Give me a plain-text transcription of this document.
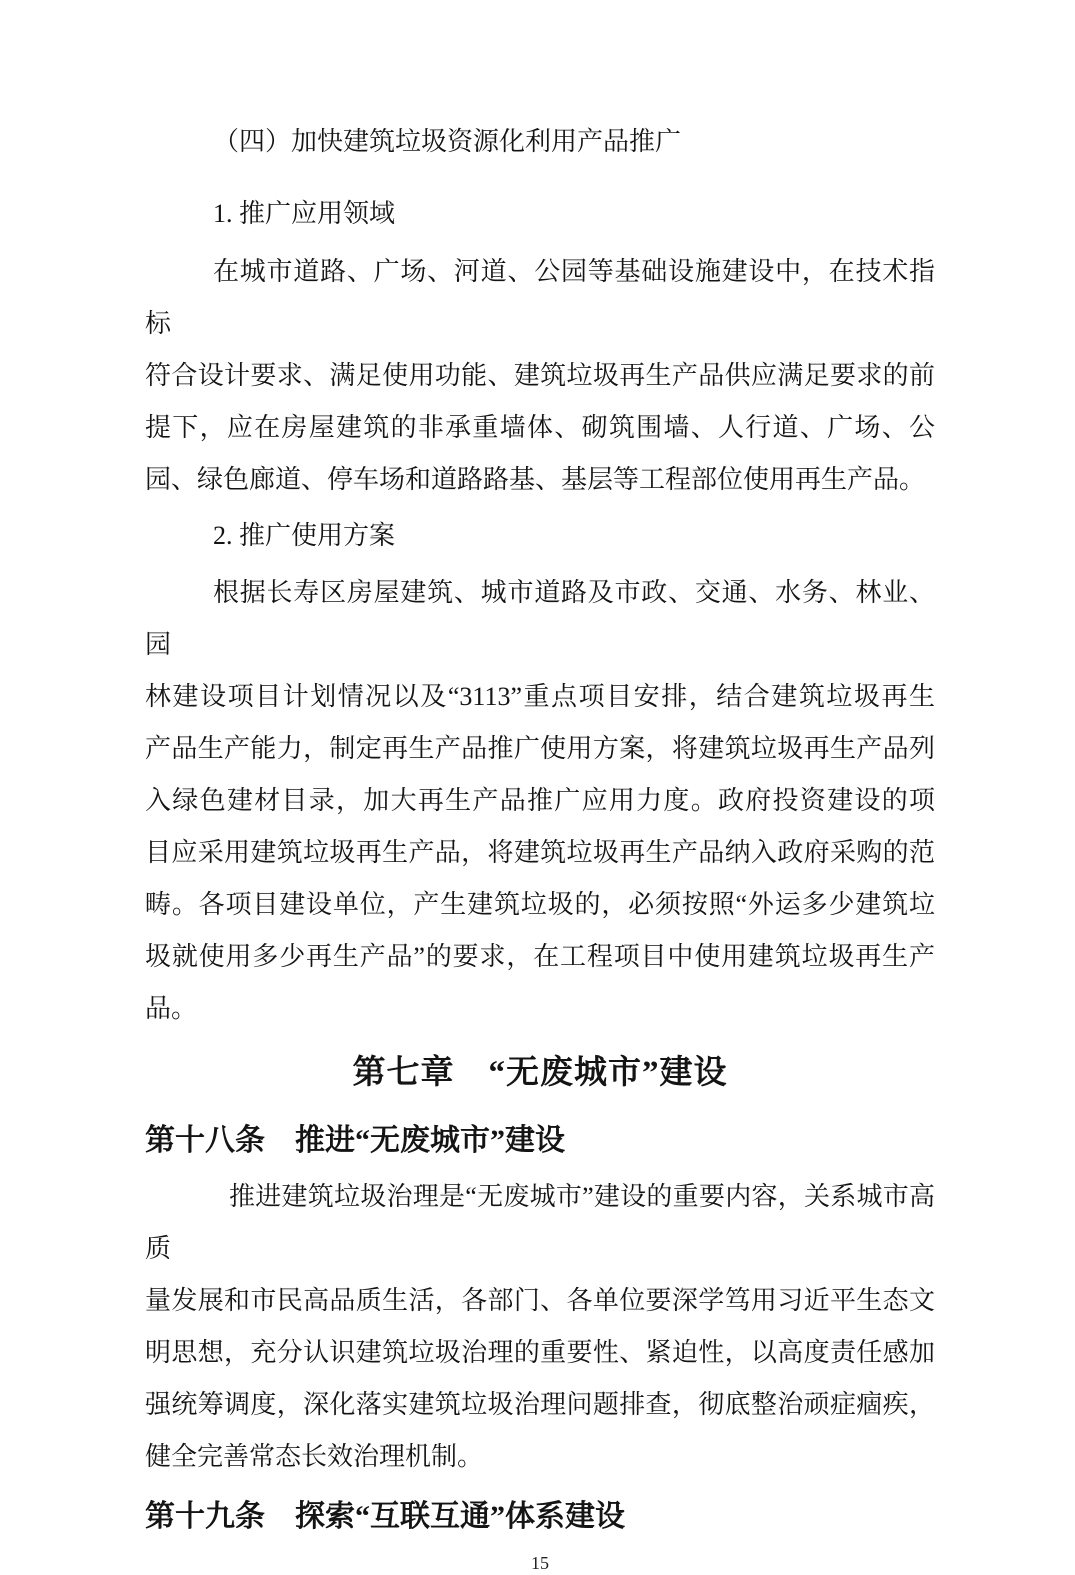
（四）加快建筑垃圾资源化利用产品推广
1. 推广应用领域
在城市道路、广场、河道、公园等基础设施建设中，在技术指标
符合设计要求、满足使用功能、建筑垃圾再生产品供应满足要求的前
提下，应在房屋建筑的非承重墙体、砌筑围墙、人行道、广场、公
园、绿色廊道、停车场和道路路基、基层等工程部位使用再生产品。
2. 推广使用方案
根据长寿区房屋建筑、城市道路及市政、交通、水务、林业、园
林建设项目计划情况以及“3113”重点项目安排，结合建筑垃圾再生
产品生产能力，制定再生产品推广使用方案，将建筑垃圾再生产品列
入绿色建材目录，加大再生产品推广应用力度。政府投资建设的项
目应采用建筑垃圾再生产品，将建筑垃圾再生产品纳入政府采购的范
畴。各项目建设单位，产生建筑垃圾的，必须按照“外运多少建筑垃
圾就使用多少再生产品”的要求，在工程项目中使用建筑垃圾再生产
品。
第七章　“无废城市”建设
第十八条　推进“无废城市”建设
推进建筑垃圾治理是“无废城市”建设的重要内容，关系城市高质
量发展和市民高品质生活，各部门、各单位要深学笃用习近平生态文
明思想，充分认识建筑垃圾治理的重要性、紧迫性，以高度责任感加
强统筹调度，深化落实建筑垃圾治理问题排查，彻底整治顽症痼疾，
健全完善常态长效治理机制。
第十九条　探索“互联互通”体系建设
15
